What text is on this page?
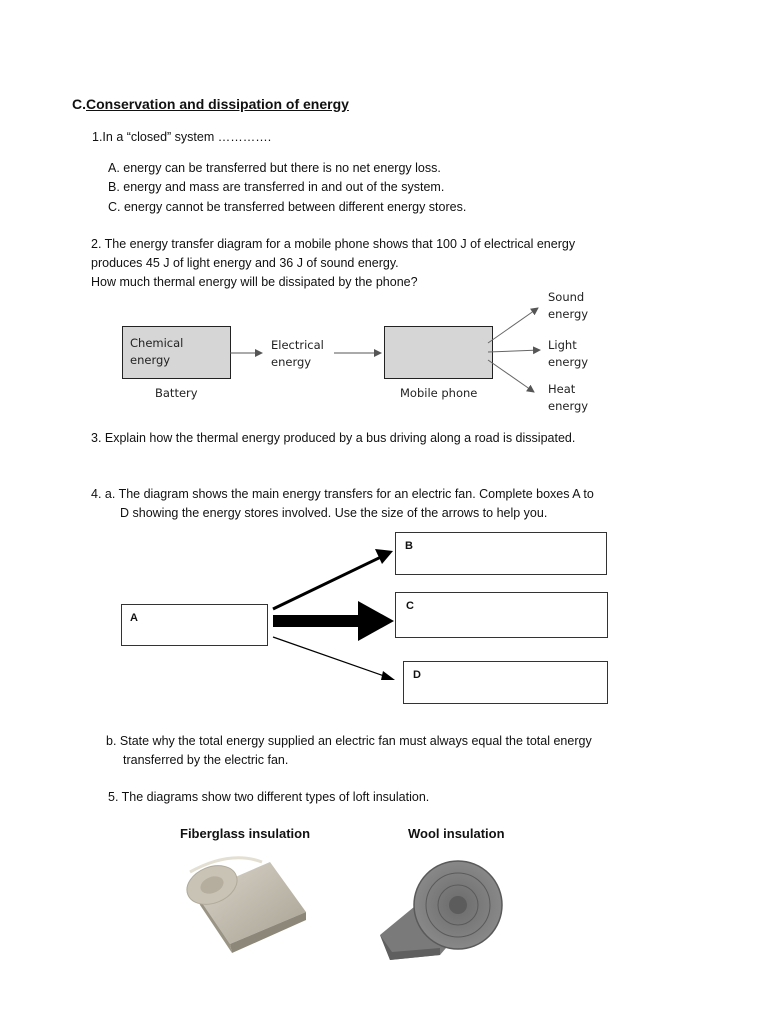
C.Conservation and dissipation of energy
1.In a “closed” system ………….
A. energy can be transferred but there is no net energy loss.
B. energy and mass are transferred in and out of the system.
C. energy cannot be transferred between different energy stores.
2. The energy transfer diagram for a mobile phone shows that 100 J of electrical energy
produces 45 J of light energy and 36 J of sound energy.
How much thermal energy will be dissipated by the phone?
Chemical
energy
Battery
Electrical
energy
Mobile phone
Sound
energy
Light
energy
Heat
energy
3. Explain how the thermal energy produced by a bus driving along a road is dissipated.
4. a. The diagram shows the main energy transfers for an electric fan. Complete boxes A to
D showing the energy stores involved. Use the size of the arrows to help you.
A
B
C
D
b. State why the total energy supplied an electric fan must always equal the total energy
transferred by the electric fan.
5. The diagrams show two different types of loft insulation.
Fiberglass insulation	Wool insulation
